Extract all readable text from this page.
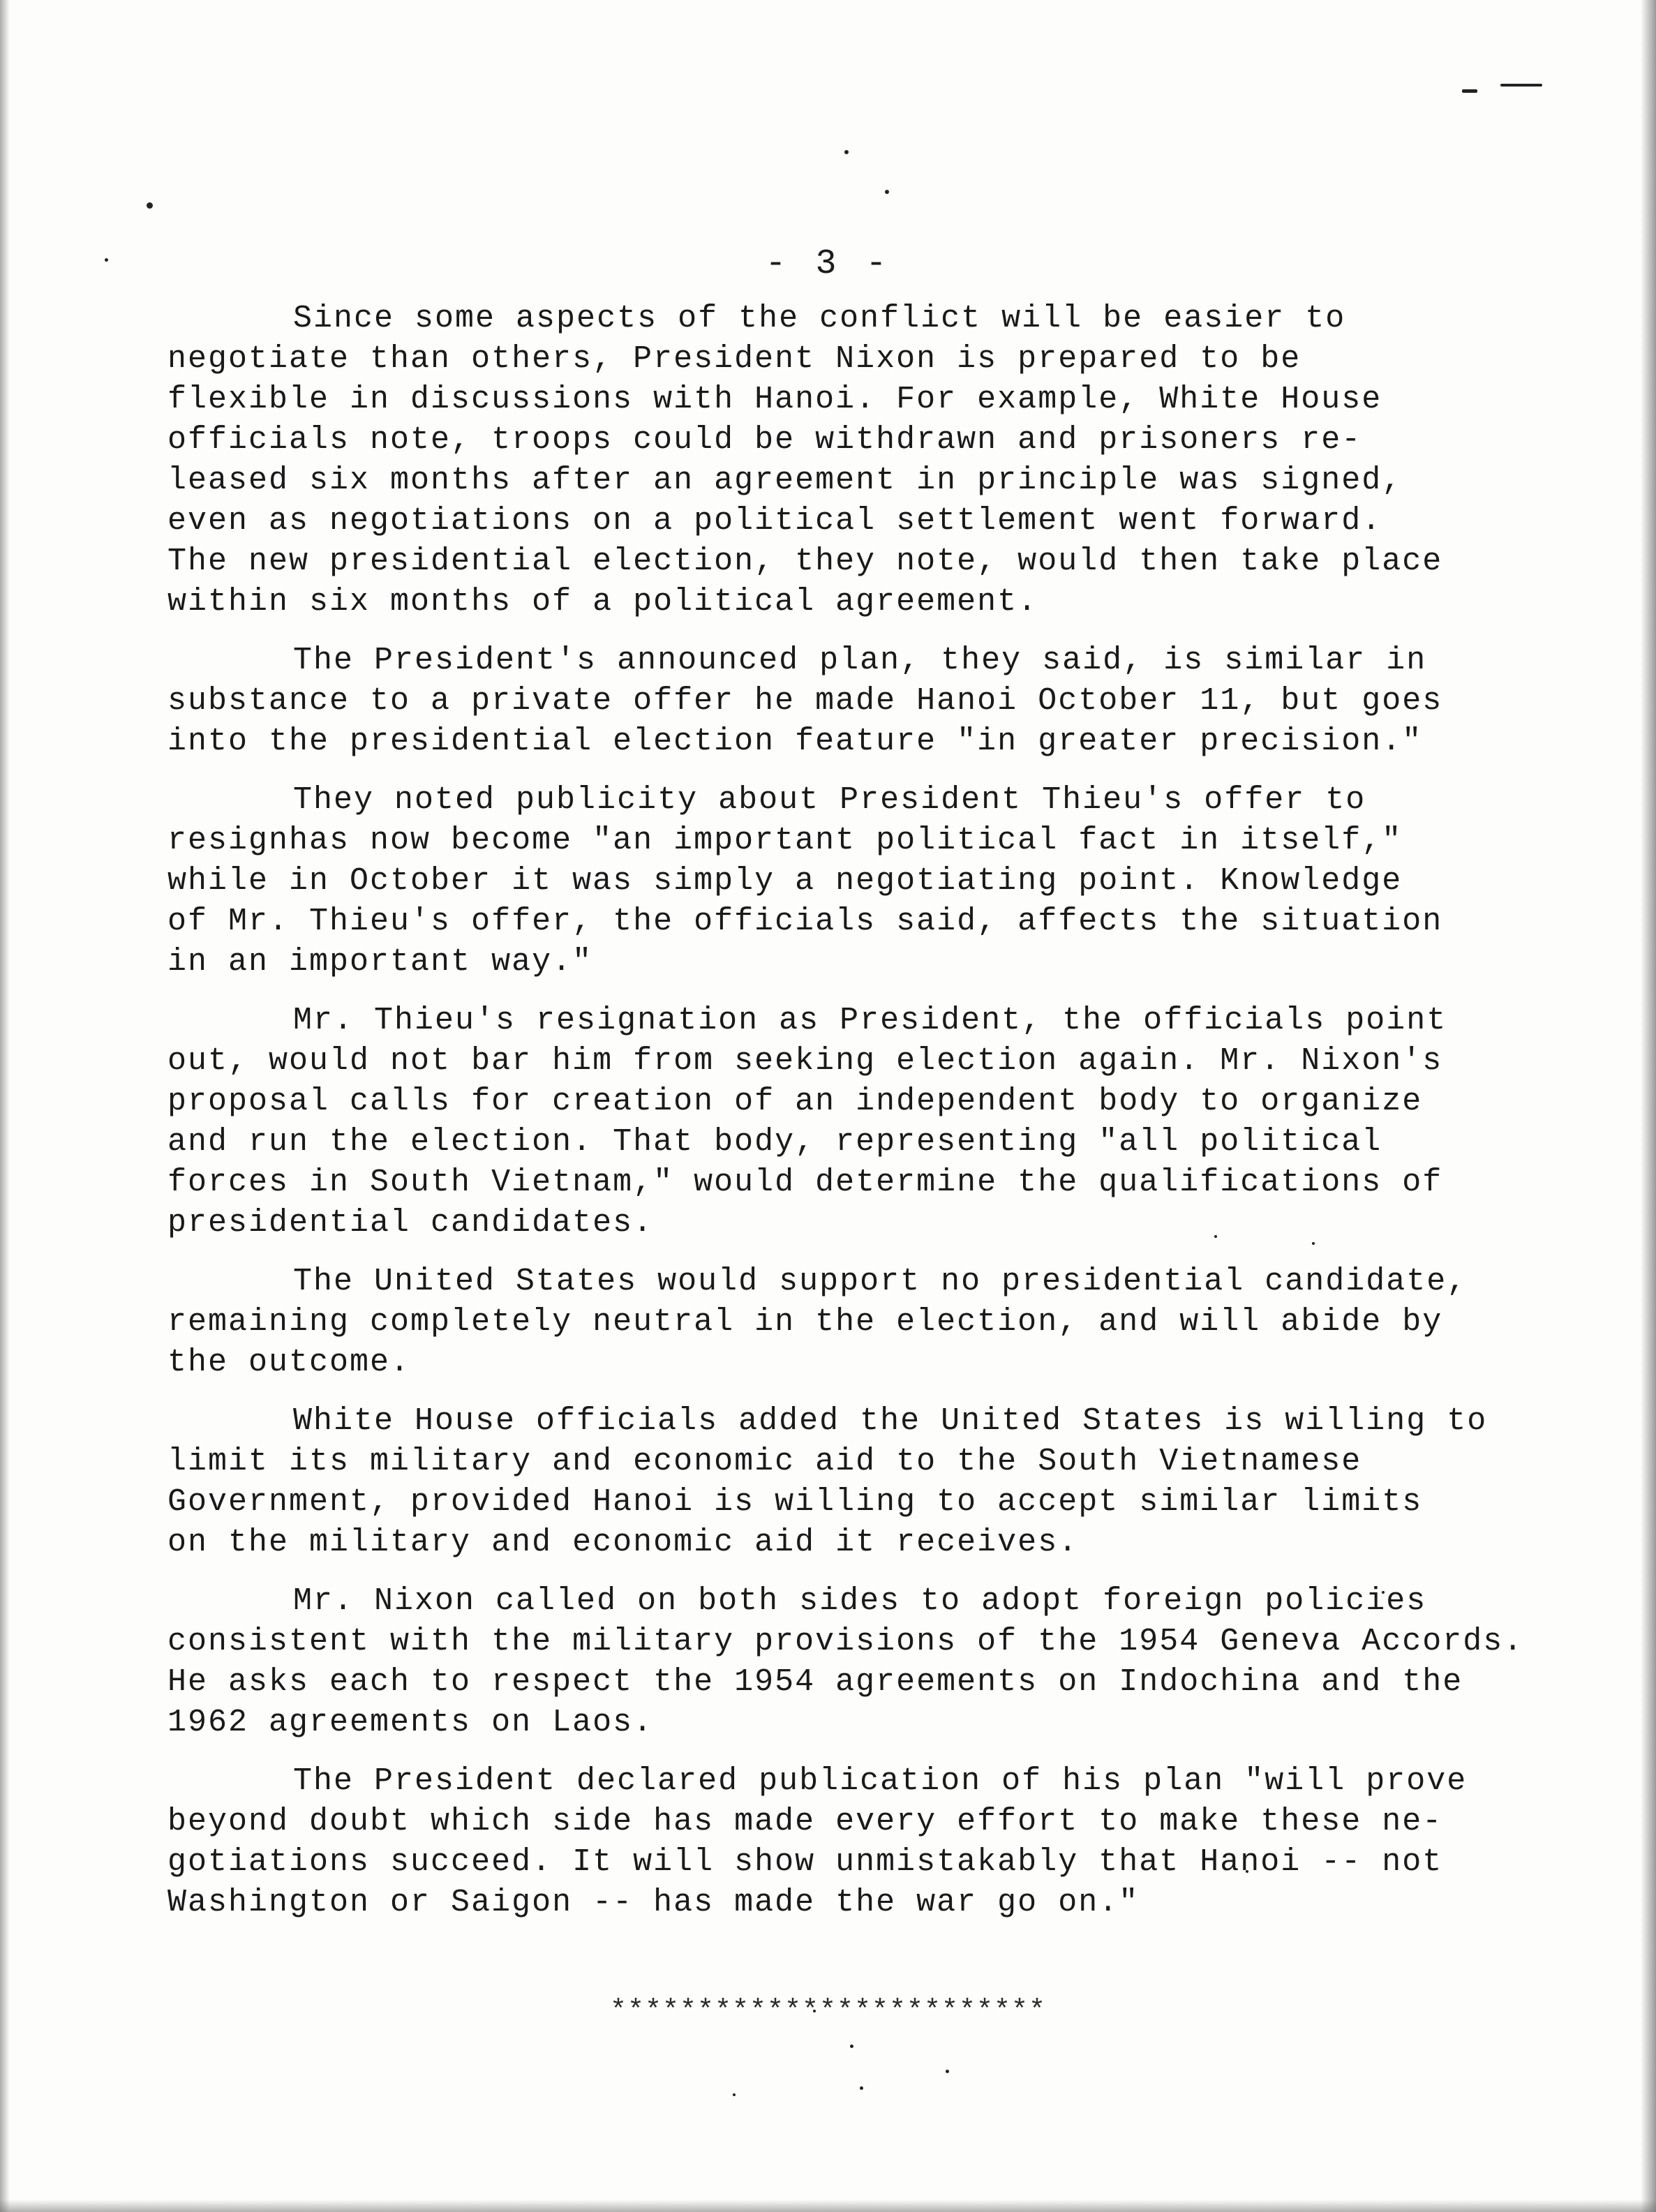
- 3 -
Since some aspects of the conflict will be easier to
negotiate than others, President Nixon is prepared to be
flexible in discussions with Hanoi. For example, White House
officials note, troops could be withdrawn and prisoners re-
leased six months after an agreement in principle was signed,
even as negotiations on a political settlement went forward.
The new presidential election, they note, would then take place
within six months of a political agreement.
The President's announced plan, they said, is similar in
substance to a private offer he made Hanoi October 11, but goes
into the presidential election feature "in greater precision."
They noted publicity about President Thieu's offer to
resignhas now become "an important political fact in itself,"
while in October it was simply a negotiating point. Knowledge
of Mr. Thieu's offer, the officials said, affects the situation
in an important way."
Mr. Thieu's resignation as President, the officials point
out, would not bar him from seeking election again. Mr. Nixon's
proposal calls for creation of an independent body to organize
and run the election. That body, representing "all political
forces in South Vietnam," would determine the qualifications of
presidential candidates.
The United States would support no presidential candidate,
remaining completely neutral in the election, and will abide by
the outcome.
White House officials added the United States is willing to
limit its military and economic aid to the South Vietnamese
Government, provided Hanoi is willing to accept similar limits
on the military and economic aid it receives.
Mr. Nixon called on both sides to adopt foreign policies
consistent with the military provisions of the 1954 Geneva Accords.
He asks each to respect the 1954 agreements on Indochina and the
1962 agreements on Laos.
The President declared publication of his plan "will prove
beyond doubt which side has made every effort to make these ne-
gotiations succeed. It will show unmistakably that Hanoi -- not
Washington or Saigon -- has made the war go on."
*************************
